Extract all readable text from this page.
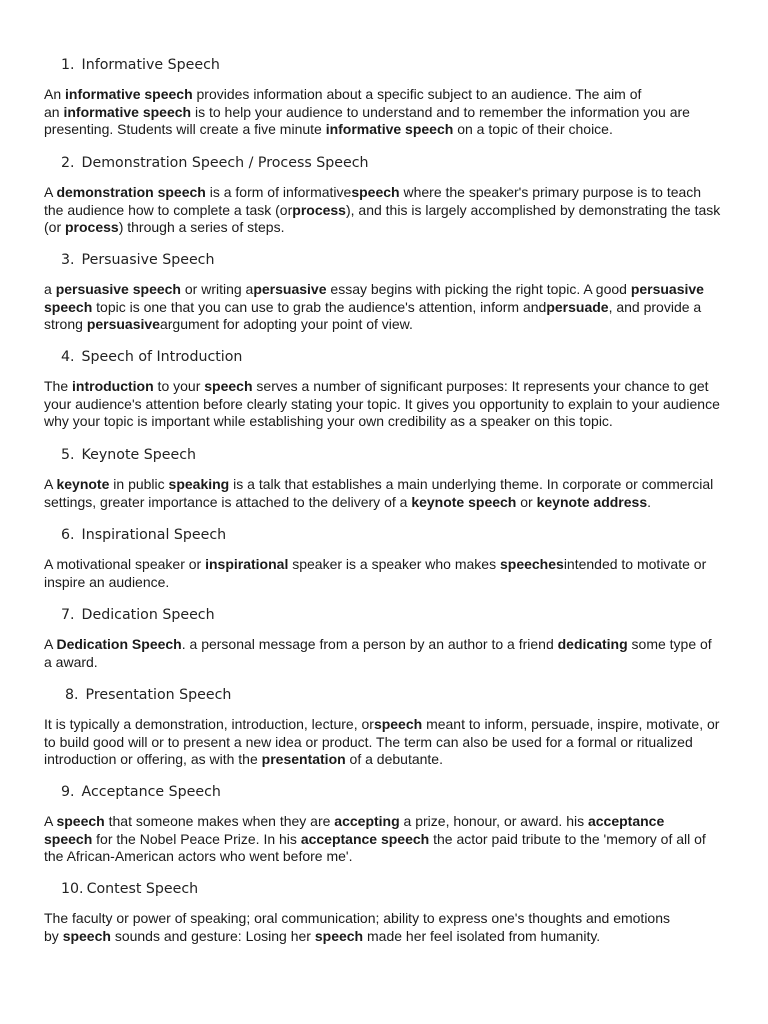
1. Informative Speech
An informative speech provides information about a specific subject to an audience. The aim of
an informative speech is to help your audience to understand and to remember the information you are
presenting. Students will create a five minute informative speech on a topic of their choice.
2. Demonstration Speech / Process Speech
A demonstration speech is a form of informativespeech where the speaker's primary purpose is to teach
the audience how to complete a task (orprocess), and this is largely accomplished by demonstrating the task
(or process) through a series of steps.
3. Persuasive Speech
a persuasive speech or writing apersuasive essay begins with picking the right topic. A good persuasive
speech topic is one that you can use to grab the audience's attention, inform andpersuade, and provide a
strong persuasiveargument for adopting your point of view.
4. Speech of Introduction
The introduction to your speech serves a number of significant purposes: It represents your chance to get
your audience's attention before clearly stating your topic. It gives you opportunity to explain to your audience
why your topic is important while establishing your own credibility as a speaker on this topic.
5. Keynote Speech
A keynote in public speaking is a talk that establishes a main underlying theme. In corporate or commercial
settings, greater importance is attached to the delivery of a keynote speech or keynote address.
6. Inspirational Speech
A motivational speaker or inspirational speaker is a speaker who makes speechesintended to motivate or
inspire an audience.
7. Dedication Speech
A Dedication Speech. a personal message from a person by an author to a friend dedicating some type of
a award.
8. Presentation Speech
It is typically a demonstration, introduction, lecture, orspeech meant to inform, persuade, inspire, motivate, or
to build good will or to present a new idea or product. The term can also be used for a formal or ritualized
introduction or offering, as with the presentation of a debutante.
9. Acceptance Speech
A speech that someone makes when they are accepting a prize, honour, or award. his acceptance
speech for the Nobel Peace Prize. In his acceptance speech the actor paid tribute to the 'memory of all of
the African-American actors who went before me'.
10. Contest Speech
The faculty or power of speaking; oral communication; ability to express one's thoughts and emotions
by speech sounds and gesture: Losing her speech made her feel isolated from humanity.
